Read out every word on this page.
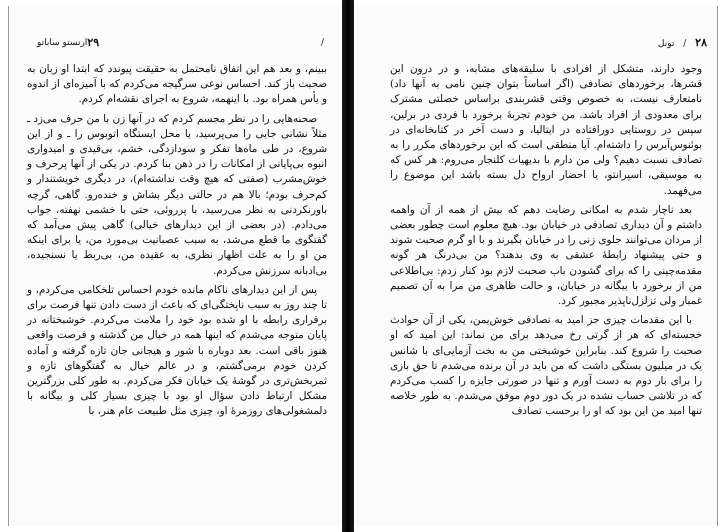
ارنستو ساباتو	/
۲۹

ببینم، و بعد هم این اتفاق نامحتمل به حقیقت پیوندد که ابتدا او زبان به صحبت باز کند. احساس نوعی سرگیجه می‌کردم که با آمیزه‌ای از اندوه و یأس همراه بود. با اینهمه، شروع به اجرای نقشه‌ام کردم.

صحنه‌هایی را در نظر مجسم کردم که در آنها زن با من حرف می‌زد ـ مثلاً نشانی جایی را می‌پرسید، یا محل ایستگاه اتوبوس را ـ و از این شروع، در طی ماه‌ها تفکر و سودازدگی، خشم، بی‌قیدی و امیدواری انبوه بی‌پایانی از امکانات را در ذهن بنا کردم. در یکی از آنها پرحرف و خوش‌مشرب (صفتی که هیچ وقت نداشته‌ام)، در دیگری خویشتندار و کم‌حرف بودم؛ بالا هم در حالتی دیگر بشاش و خنده‌رو. گاهی، گرچه باورنکردنی به نظر می‌رسید، با پرروئی، حتی با خشمی نهفته، جواب می‌دادم. (در بعضی از این دیدارهای خیالی) گاهی پیش می‌آمد که گفتگوی ما قطع می‌شد، به سبب عصبانیت بی‌مورد من، یا برای اینکه من او را به علت اظهار نظری، به عقیده من، بی‌ربط یا نسنجیده، بی‌ادبانه سرزنش می‌کردم.

پس از این دیدارهای ناکام مانده خودم احساس تلخکامی می‌کردم، و تا چند روز به سبب ناپختگی‌ای که باعث از دست دادن تنها فرصت برای برقراری رابطه با او شده بود خود را ملامت می‌کردم. خوشبختانه در پایان متوجه می‌شدم که اینها همه در خیال من گذشته و فرصت واقعی هنوز باقی است. بعد دوباره با شور و هیجانی جان تازه گرفته و آماده کردن خودم برمی‌گشتم، و در عالم خیال به گفتگوهای تازه و ثمربخش‌تری در گوشهٔ یک خیابان فکر می‌کردم. به طور کلی بزرگترین مشکل ارتباط دادن سؤال او بود با چیزی بسیار کلی و بیگانه با دلمشغولی‌های روزمرهٔ او، چیزی مثل طبیعت عام هنر، با

۲۸ / تونل

وجود دارند، متشکل از افرادی با سلیقه‌های مشابه، و در درون این قشرها، برخوردهای تصادفی (اگر اساساً بتوان چنین نامی به آنها داد) نامتعارف نیست، به خصوص وقتی قشربندی براساس خصلتی مشترک برای معدودی از افراد باشد. من خودم تجربهٔ برخورد با فردی در برلین، سپس در روستایی دورافتاده در ایتالیا، و دست آخر در کتابخانه‌ای در بوئنوس‌آیرس را داشته‌ام. آیا منطقی است که این برخوردهای مکرر را به تصادف نسبت دهیم؟ ولی من دارم با بدیهیات کلنجار می‌روم: هر کس که به موسیقی، اسپرانتو، یا احضار ارواح دل بسته باشد این موضوع را می‌فهمد.

بعد ناچار شدم به امکانی رضایت دهم که بیش از همه از آن واهمه داشتم و آن دیداری تصادفی در خیابان بود. هیچ معلوم است چطور بعضی از مردان می‌توانند جلوی زنی را در خیابان بگیرند و با او گرم صحبت شوند و حتی پیشنهاد رابطهٔ عشقی به وی بدهند؟ من بی‌درنگ هر گونه مقدمه‌چینی را که برای گشودن باب صحبت لازم بود کنار زدم: بی‌اطلاعی من از برخورد با بیگانه در خیابان، و حالت ظاهری من مرا به آن تصمیم غمبار ولی تزلزل‌ناپذیر مجبور کرد.

با این مقدمات چیزی جز امید به تصادفی خوش‌یمن، یکی از آن حوادث خجسته‌ای که هر از گرتی رخ می‌دهد برای من نماند: این امید که او صحبت را شروع کند. بنابراین خوشبختی من به بخت آزمایی‌ای با شانس یک در میلیون بستگی داشت که من باید در آن برنده می‌شدم تا حق بازی را برای بار دوم به دست آورم و تنها در صورتی جایزه را کسب می‌کردم که در تلاشی حساب نشده در یک دور دوم موفق می‌شدم. به طور خلاصه تنها امید من این بود که او را برحسب تصادف
